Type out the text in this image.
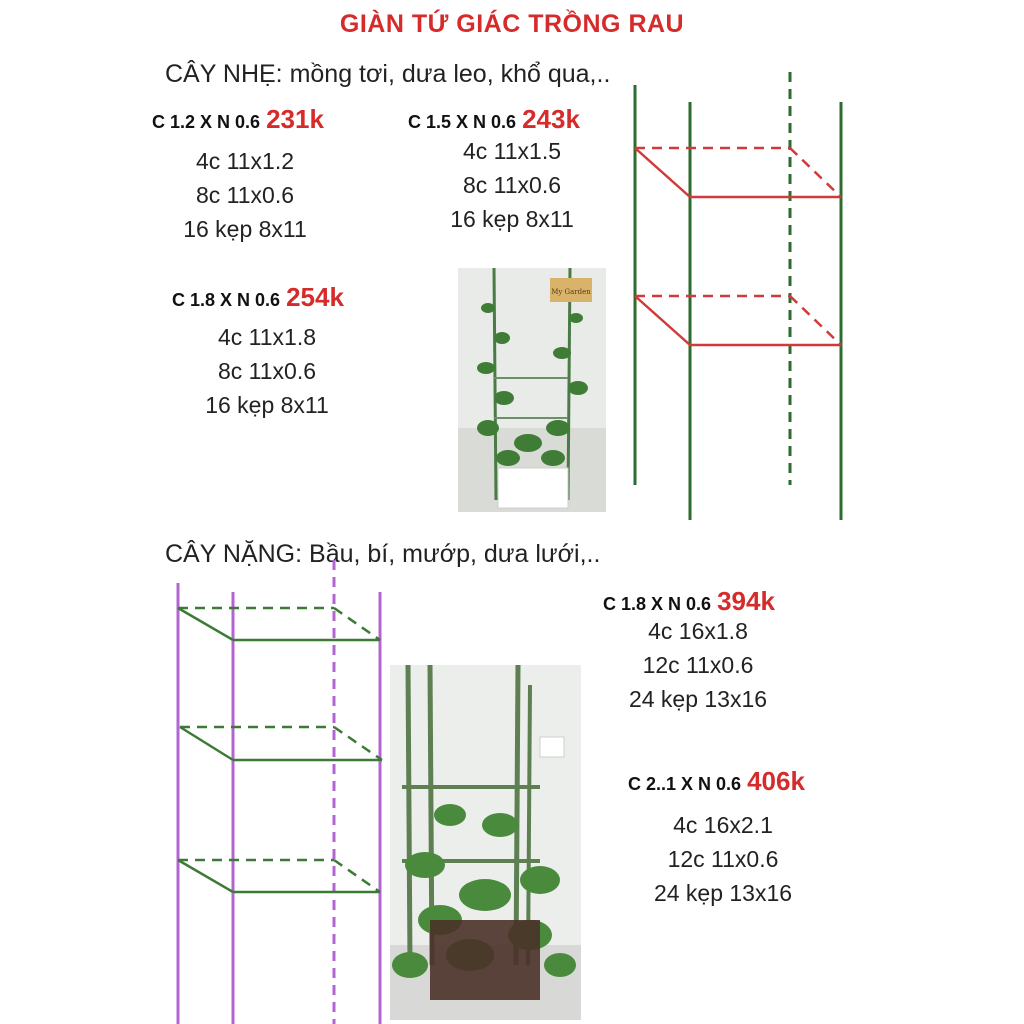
GIÀN TỨ GIÁC TRỒNG RAU
CÂY NHẸ: mồng tơi, dưa leo, khổ qua,..
C 1.2 X N 0.6 231k
4c 11x1.2
8c 11x0.6
16 kẹp 8x11
C 1.5 X N 0.6 243k
4c 11x1.5
8c 11x0.6
16 kẹp 8x11
C 1.8 X N 0.6 254k
4c 11x1.8
8c 11x0.6
16 kẹp 8x11
My Garden
CÂY NẶNG: Bầu, bí, mướp, dưa lưới,..
C 1.8 X N 0.6 394k
4c 16x1.8
12c 11x0.6
24 kẹp 13x16
C 2..1 X N 0.6 406k
4c 16x2.1
12c 11x0.6
24 kẹp 13x16
